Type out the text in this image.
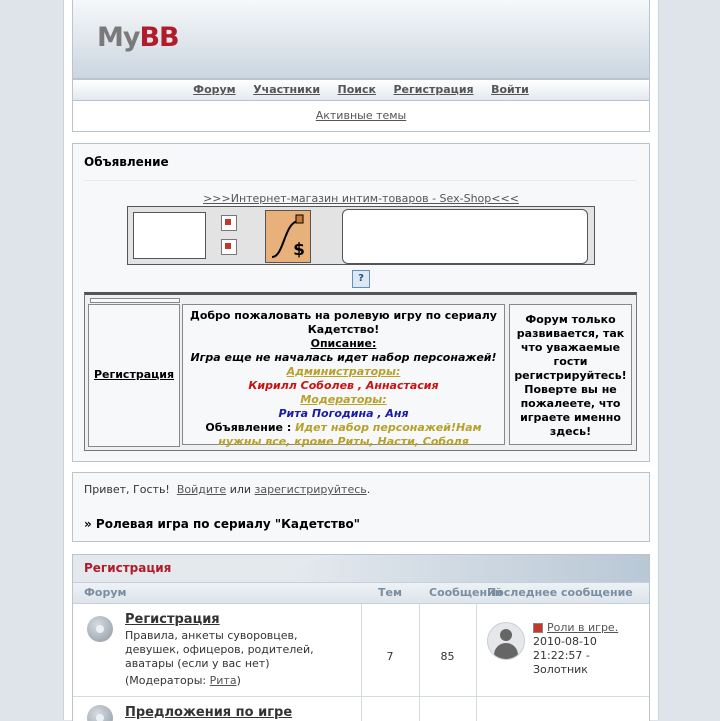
MyBB
Форум Участники Поиск Регистрация Войти
Активные темы
Объявление
>>>Интернет-магазин интим-товаров - Sex-Shop<<<
$
?
Регистрация
Добро пожаловать на ролевую игру по сериалу Кадетство!
Описание:
Игра еще не началась идет набор персонажей!
Администраторы:
Кирилл Соболев , Аннастасия
Модераторы:
Рита Погодина , Аня
Объявление : Идет набор персонажей!Нам нужны все, кроме Риты, Насти, Соболя
Форум только развивается, так что уважаемые гости регистрируйтесь! Поверте вы не пожалеете, что играете именно здесь!
Привет, Гость! Войдите или зарегистрируйтесь.
» Ролевая игра по сериалу "Кадетство"
Регистрация
Форум	Тем Сообщений
Последнее сообщение
Регистрация
Правила, анкеты суворовцев, девушек, офицеров, родителей, аватары (если у вас нет)
(Модераторы: Рита)
7	85
Роли в игре.
2010-08-10 21:22:57 -
Золотник
Предложения по игре
